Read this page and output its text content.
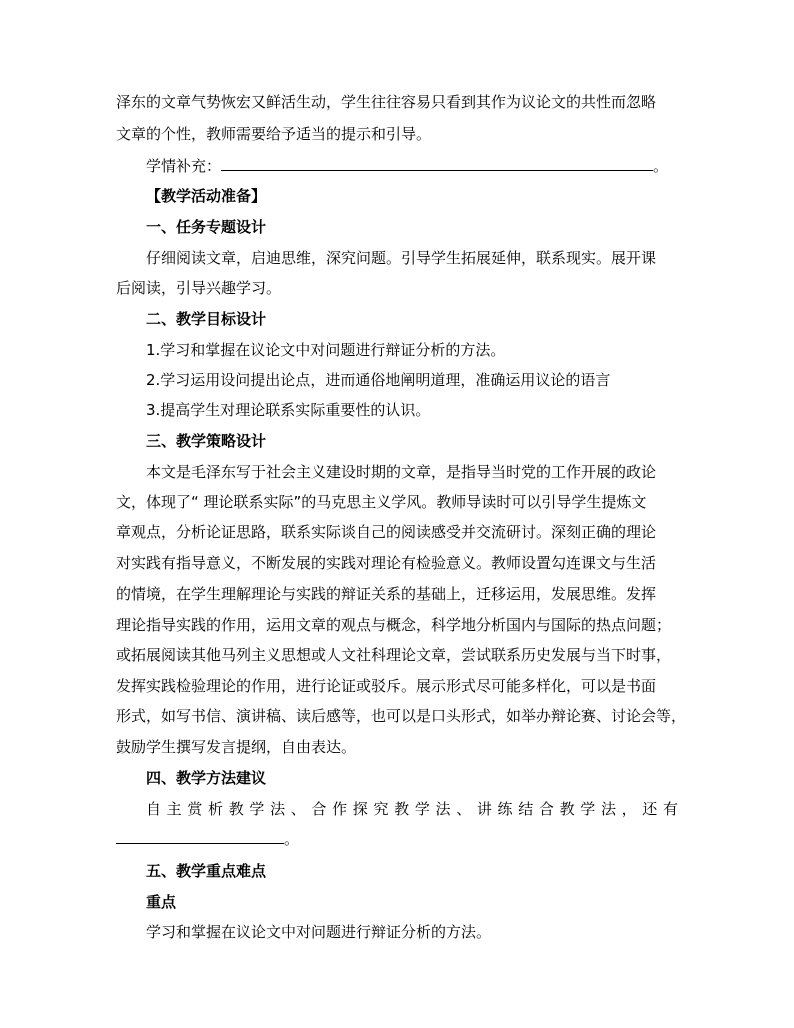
泽东的文章气势恢宏又鲜活生动，学生往往容易只看到其作为议论文的共性而忽略
文章的个性，教师需要给予适当的提示和引导。
学情补充：	。
【教学活动准备】
一、任务专题设计
仔细阅读文章，启迪思维，深究问题。引导学生拓展延伸，联系现实。展开课
后阅读，引导兴趣学习。
二、教学目标设计
1.学习和掌握在议论文中对问题进行辩证分析的方法。
2.学习运用设问提出论点，进而通俗地阐明道理，准确运用议论的语言
3.提高学生对理论联系实际重要性的认识。
三、教学策略设计
本文是毛泽东写于社会主义建设时期的文章，是指导当时党的工作开展的政论
文，体现了“ 理论联系实际”的马克思主义学风。教师导读时可以引导学生提炼文
章观点，分析论证思路，联系实际谈自己的阅读感受并交流研讨。深刻正确的理论
对实践有指导意义，不断发展的实践对理论有检验意义。教师设置勾连课文与生活
的情境，在学生理解理论与实践的辩证关系的基础上，迁移运用，发展思维。发挥
理论指导实践的作用，运用文章的观点与概念，科学地分析国内与国际的热点问题；
或拓展阅读其他马列主义思想或人文社科理论文章，尝试联系历史发展与当下时事，
发挥实践检验理论的作用，进行论证或驳斥。展示形式尽可能多样化，可以是书面
形式，如写书信、演讲稿、读后感等，也可以是口头形式，如举办辩论赛、讨论会等，
鼓励学生撰写发言提纲，自由表达。
四、教学方法建议
自主赏析教学法、合作探究教学法、讲练结合教学法，还有
。
五、教学重点难点
重点
学习和掌握在议论文中对问题进行辩证分析的方法。
